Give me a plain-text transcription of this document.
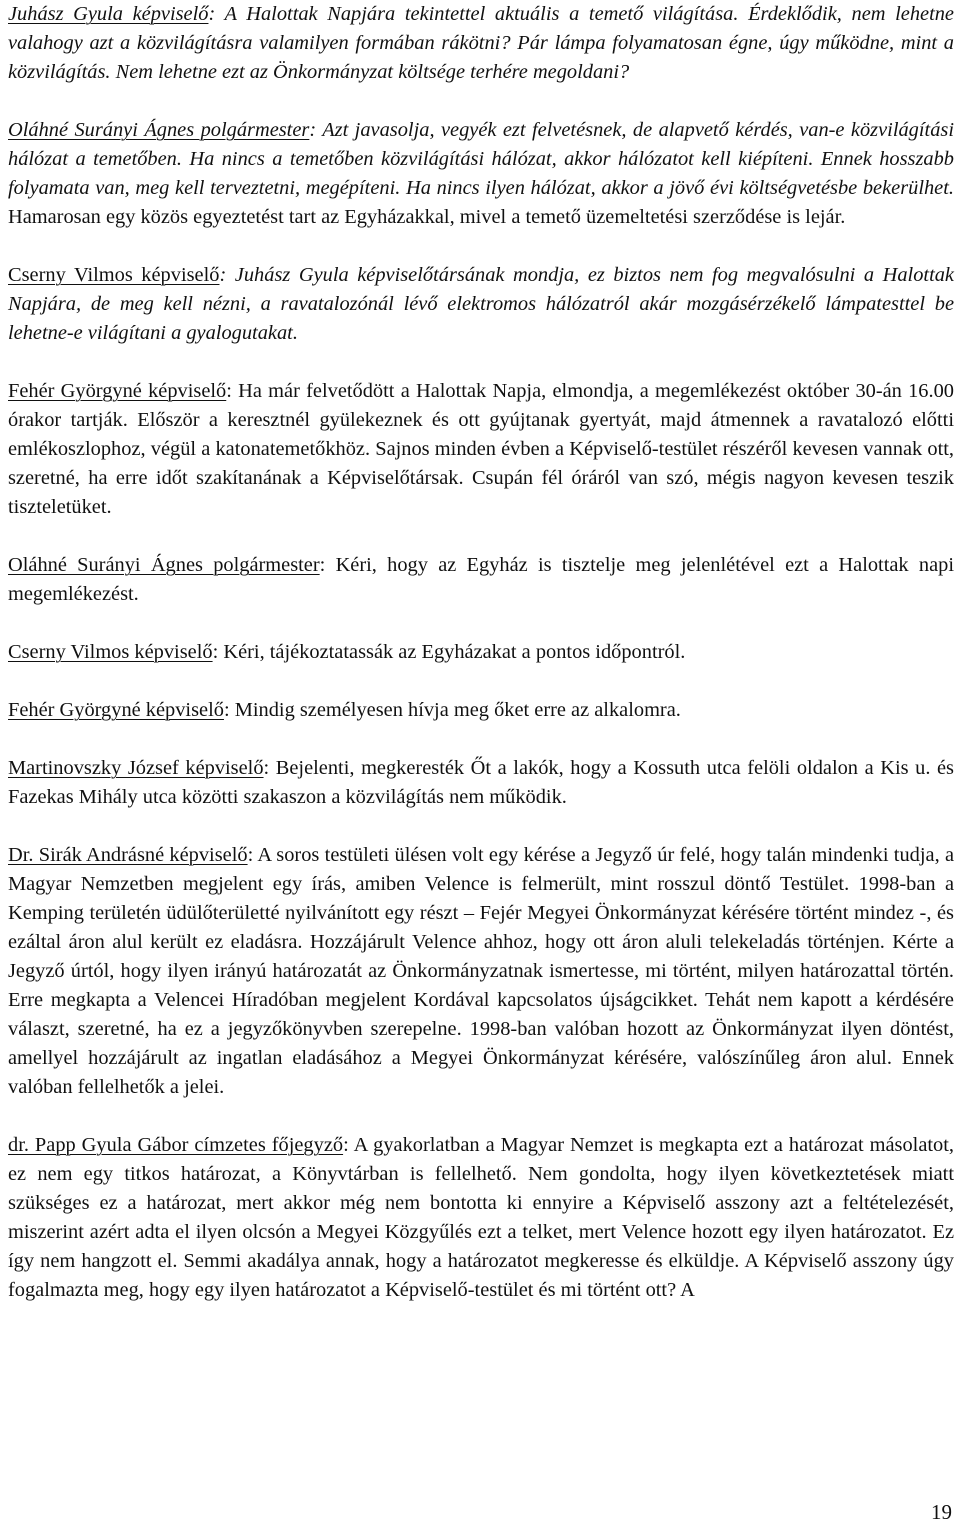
Juhász Gyula képviselő: A Halottak Napjára tekintettel aktuális a temető világítása. Érdeklődik, nem lehetne valahogy azt a közvilágításra valamilyen formában rákötni? Pár lámpa folyamatosan égne, úgy működne, mint a közvilágítás. Nem lehetne ezt az Önkormányzat költsége terhére megoldani?

Oláhné Surányi Ágnes polgármester: Azt javasolja, vegyék ezt felvetésnek, de alapvető kérdés, van-e közvilágítási hálózat a temetőben. Ha nincs a temetőben közvilágítási hálózat, akkor hálózatot kell kiépíteni. Ennek hosszabb folyamata van, meg kell terveztetni, megépíteni. Ha nincs ilyen hálózat, akkor a jövő évi költségvetésbe bekerülhet. Hamarosan egy közös egyeztetést tart az Egyházakkal, mivel a temető üzemeltetési szerződése is lejár.

Cserny Vilmos képviselő: Juhász Gyula képviselőtársának mondja, ez biztos nem fog megvalósulni a Halottak Napjára, de meg kell nézni, a ravatalozónál lévő elektromos hálózatról akár mozgásérzékelő lámpatesttel be lehetne-e világítani a gyalogutakat.

Fehér Györgyné képviselő: Ha már felvetődött a Halottak Napja, elmondja, a megemlékezést október 30-án 16.00 órakor tartják. Először a keresztnél gyülekeznek és ott gyújtanak gyertyát, majd átmennek a ravatalozó előtti emlékoszlophoz, végül a katonatemetőkhöz. Sajnos minden évben a Képviselő-testület részéről kevesen vannak ott, szeretné, ha erre időt szakítanának a Képviselőtársak. Csupán fél óráról van szó, mégis nagyon kevesen teszik tiszteletüket.

Oláhné Surányi Ágnes polgármester: Kéri, hogy az Egyház is tisztelje meg jelenlétével ezt a Halottak napi megemlékezést.

Cserny Vilmos képviselő: Kéri, tájékoztatassák az Egyházakat a pontos időpontról.

Fehér Györgyné képviselő: Mindig személyesen hívja meg őket erre az alkalomra.

Martinovszky József képviselő: Bejelenti, megkeresték Őt a lakók, hogy a Kossuth utca felöli oldalon a Kis u. és Fazekas Mihály utca közötti szakaszon a közvilágítás nem működik.

Dr. Sirák Andrásné képviselő: A soros testületi ülésen volt egy kérése a Jegyző úr felé, hogy talán mindenki tudja, a Magyar Nemzetben megjelent egy írás, amiben Velence is felmerült, mint rosszul döntő Testület. 1998-ban a Kemping területén üdülőterületté nyilvánított egy részt – Fejér Megyei Önkormányzat kérésére történt mindez -, és ezáltal áron alul került ez eladásra. Hozzájárult Velence ahhoz, hogy ott áron aluli telekeladás történjen. Kérte a Jegyző úrtól, hogy ilyen irányú határozatát az Önkormányzatnak ismertesse, mi történt, milyen határozattal történ. Erre megkapta a Velencei Híradóban megjelent Kordával kapcsolatos újságcikket. Tehát nem kapott a kérdésére választ, szeretné, ha ez a jegyzőkönyvben szerepelne. 1998-ban valóban hozott az Önkormányzat ilyen döntést, amellyel hozzájárult az ingatlan eladásához a Megyei Önkormányzat kérésére, valószínűleg áron alul. Ennek valóban fellelhetők a jelei.

dr. Papp Gyula Gábor címzetes főjegyző: A gyakorlatban a Magyar Nemzet is megkapta ezt a határozat másolatot, ez nem egy titkos határozat, a Könyvtárban is fellelhető. Nem gondolta, hogy ilyen következtetések miatt szükséges ez a határozat, mert akkor még nem bontotta ki ennyire a Képviselő asszony azt a feltételezését, miszerint azért adta el ilyen olcsón a Megyei Közgyűlés ezt a telket, mert Velence hozott egy ilyen határozatot. Ez így nem hangzott el. Semmi akadálya annak, hogy a határozatot megkeresse és elküldje. A Képviselő asszony úgy fogalmazta meg, hogy egy ilyen határozatot a Képviselő-testület és mi történt ott? A

19
